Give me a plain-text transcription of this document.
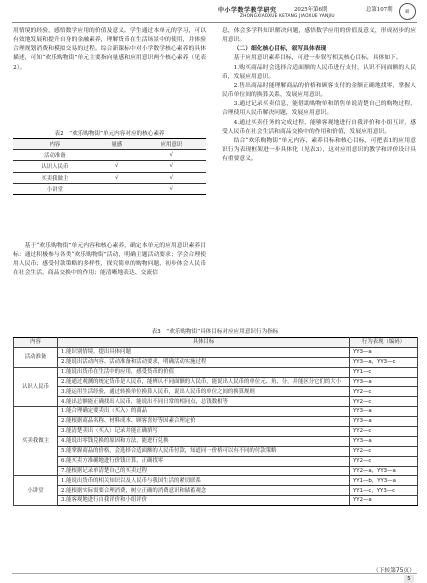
中小学数学教学研究	2025年第6期	总第107期
ZHONGXIAOXUE KETANG JIAOXUE YANJIU
研

用情境的经验，感悟数学应用的价值及意义。学生通过本单元的学习，可以有效地发展和提升自身的金融素养，理解货币在生活场景中的使用，并体验合理规划消费和模拟交易的过程。综合新课标中对小学数学核心素养的具体描述，可知“欢乐购物街”单元主要指向量感和应用意识两个核心素养（见表2）。

表2　“欢乐购物街”单元内容对应的核心素养
内容	量感	应用意识
活动准备		√
认识人民币	√	√
买卖我做主	√	√
小讲堂		√

基于“欢乐购物街”单元内容和核心素养，确定本单元的应用意识素养目标：通过积极参与各类“欢乐购物街”活动，明确主题活动要求；学会合理使用人民币；感受付款策略的多样性，探究简单的购物问题，初步体会人民币在社会生活、商品交换中的作用；能清晰地表达、交流信

息，体会多学科知识解决问题，感悟数学应用的价值及意义，形成初步的应用意识。

（二）细化核心目标，叙写具体表现

基于应用意识素养目标，可进一步叙写相关核心目标，具体如下。

1.购买商品时会选择合适面额的人民币进行支付，认识不同面额的人民币，发展应用意识。

2.售出商品时能理解商品的价格和顾客支付的金额正确地找零，掌握人民币单位间的换算关系，发展应用意识。

3.通过记录买卖信息，能借助购物单和销售单说清楚自己的购物过程，合理使用人民币解决问题，发展应用意识。

4.通过买卖任务的完成过程，能够客观地进行自我评价和小组互评，感受人民币在社会生活和商品交换中的作用和价值，发展应用意识。

结合“欢乐购物街”单元内容、素养目标和核心目标，可把表1的应用意识行为表现框架进一步具体化（见表3），这对应用意识的教学和评价设计具有重要意义。

表3　“欢乐购物街”具体目标对应应用意识行为指标
内容	具体目标	行为表现（编码）
活动准备	1.能识别情境，提出具体问题	YY3—a
	2.能说出活动内容、活动准备和活动要求，明确活动实施过程	YY3—a，YY3—c
认识人民币	1.能说出货币在生活中的应用，感受货币的价值	YY1—c
	2.能通过观测的统定货币是人民币，能辨认不同面额的人民币，能说出人民币的单位元、角、分，并能区分它们的大小	YY3—a
	3.能运用生活经验，通过转换单位换算人民币，说出人民币的单位之间的换算规则	YY2—c
	4.能出总额能正确找出人民币，能说出不同日常的相同点，总钱数相等	YY2—c
买卖我做主	1.能合理确定要卖出（买入）的商品	YY3—a
	2.能根据商品名称、材料成本、顾客喜好等因素合理定价	YY3—a
	3.能清楚卖出（买入）记录并能正确填写	YY2—c
	4.能说出零钱兑换的原因和方法，能进行兑换	YY3—a
	5.能掌握商品的价格，会选择合适面额的人民币付款，知道同一价格可以有不同的付款策略	YY2—c
	6.能买卖方准确地进行价钱计算，正确找零	YY2—c
	7.能根据记录单清楚自己的买卖过程	YY2—a，YY3—a
小讲堂	1.能说出货币的相关知识以及人民币与我国生活的紧切联系	YY1—b，YY3—a
	2.能根据实际需要合理消费，树立正确的消费意识和储蓄观念	YY1—c，YY3—c
	3.能客观地进行自我评价和小组评价	YY2—a
（下转第75页）
5
